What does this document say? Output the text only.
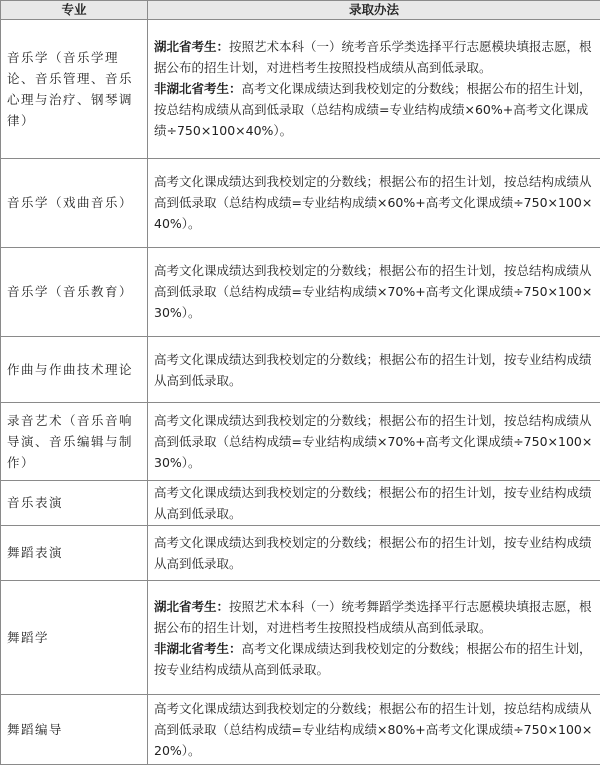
专业	录取办法
音乐学（音乐学理论、音乐管理、音乐心理与治疗、钢琴调律）	湖北省考生：按照艺术本科（一）统考音乐学类选择平行志愿模块填报志愿，根据公布的招生计划，对进档考生按照投档成绩从高到低录取。
非湖北省考生：高考文化课成绩达到我校划定的分数线；根据公布的招生计划，按总结构成绩从高到低录取（总结构成绩=专业结构成绩×60%+高考文化课成绩÷750×100×40%）。

音乐学（戏曲音乐）	高考文化课成绩达到我校划定的分数线；根据公布的招生计划，按总结构成绩从高到低录取（总结构成绩=专业结构成绩×60%+高考文化课成绩÷750×100×40%）。
音乐学（音乐教育）	高考文化课成绩达到我校划定的分数线；根据公布的招生计划，按总结构成绩从高到低录取（总结构成绩=专业结构成绩×70%+高考文化课成绩÷750×100×30%）。
作曲与作曲技术理论	高考文化课成绩达到我校划定的分数线；根据公布的招生计划，按专业结构成绩从高到低录取。
录音艺术（音乐音响导演、音乐编辑与制作）	高考文化课成绩达到我校划定的分数线；根据公布的招生计划，按总结构成绩从高到低录取（总结构成绩=专业结构成绩×70%+高考文化课成绩÷750×100×30%）。
音乐表演	高考文化课成绩达到我校划定的分数线；根据公布的招生计划，按专业结构成绩从高到低录取。
舞蹈表演	高考文化课成绩达到我校划定的分数线；根据公布的招生计划，按专业结构成绩从高到低录取。
舞蹈学	湖北省考生：按照艺术本科（一）统考舞蹈学类选择平行志愿模块填报志愿，根据公布的招生计划，对进档考生按照投档成绩从高到低录取。
非湖北省考生：高考文化课成绩达到我校划定的分数线；根据公布的招生计划，按专业结构成绩从高到低录取。

舞蹈编导	高考文化课成绩达到我校划定的分数线；根据公布的招生计划，按总结构成绩从高到低录取（总结构成绩=专业结构成绩×80%+高考文化课成绩÷750×100×20%）。
